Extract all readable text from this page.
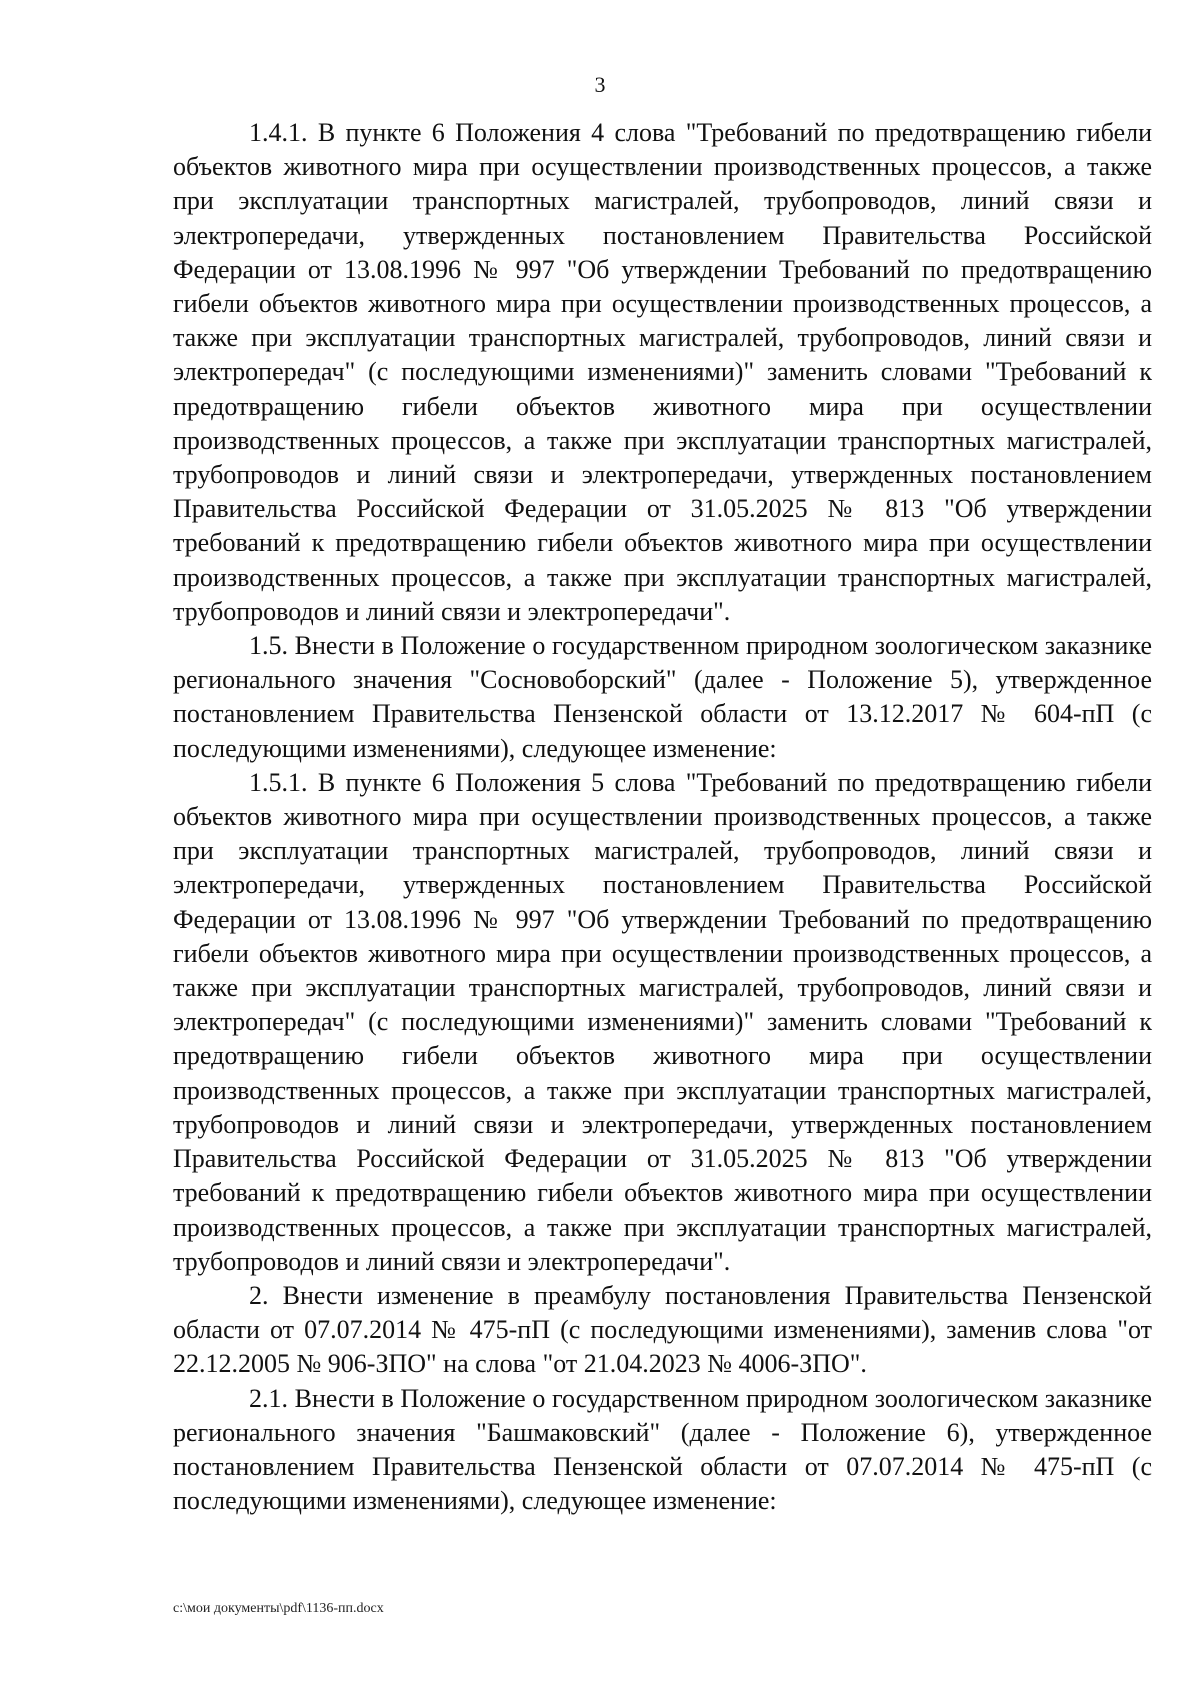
3

1.4.1. В пункте 6 Положения 4 слова "Требований по предотвращению гибели объектов животного мира при осуществлении производственных процессов, а также при эксплуатации транспортных магистралей, трубопроводов, линий связи и электропередачи, утвержденных постановлением Правительства Российской Федерации от 13.08.1996 № 997 "Об утверждении Требований по предотвращению гибели объектов животного мира при осуществлении производственных процессов, а также при эксплуатации транспортных магистралей, трубопроводов, линий связи и электропередач" (с последующими изменениями)" заменить словами "Требований к предотвращению гибели объектов животного мира при осуществлении производственных процессов, а также при эксплуатации транспортных магистралей, трубопроводов и линий связи и электропередачи, утвержденных постановлением Правительства Российской Федерации от 31.05.2025 № 813 "Об утверждении требований к предотвращению гибели объектов животного мира при осуществлении производственных процессов, а также при эксплуатации транспортных магистралей, трубопроводов и линий связи и электропередачи".

1.5. Внести в Положение о государственном природном зоологическом заказнике регионального значения "Сосновоборский" (далее - Положение 5), утвержденное постановлением Правительства Пензенской области от 13.12.2017 № 604-пП (с последующими изменениями), следующее изменение:

1.5.1. В пункте 6 Положения 5 слова "Требований по предотвращению гибели объектов животного мира при осуществлении производственных процессов, а также при эксплуатации транспортных магистралей, трубопроводов, линий связи и электропередачи, утвержденных постановлением Правительства Российской Федерации от 13.08.1996 № 997 "Об утверждении Требований по предотвращению гибели объектов животного мира при осуществлении производственных процессов, а также при эксплуатации транспортных магистралей, трубопроводов, линий связи и электропередач" (с последующими изменениями)" заменить словами "Требований к предотвращению гибели объектов животного мира при осуществлении производственных процессов, а также при эксплуатации транспортных магистралей, трубопроводов и линий связи и электропередачи, утвержденных постановлением Правительства Российской Федерации от 31.05.2025 № 813 "Об утверждении требований к предотвращению гибели объектов животного мира при осуществлении производственных процессов, а также при эксплуатации транспортных магистралей, трубопроводов и линий связи и электропередачи".

2. Внести изменение в преамбулу постановления Правительства Пензенской области от 07.07.2014 № 475-пП (с последующими изменениями), заменив слова "от 22.12.2005 № 906-ЗПО" на слова "от 21.04.2023 № 4006-ЗПО".

2.1. Внести в Положение о государственном природном зоологическом заказнике регионального значения "Башмаковский" (далее - Положение 6), утвержденное постановлением Правительства Пензенской области от 07.07.2014 № 475-пП (с последующими изменениями), следующее изменение:

c:\мои документы\pdf\1136-пп.docx
